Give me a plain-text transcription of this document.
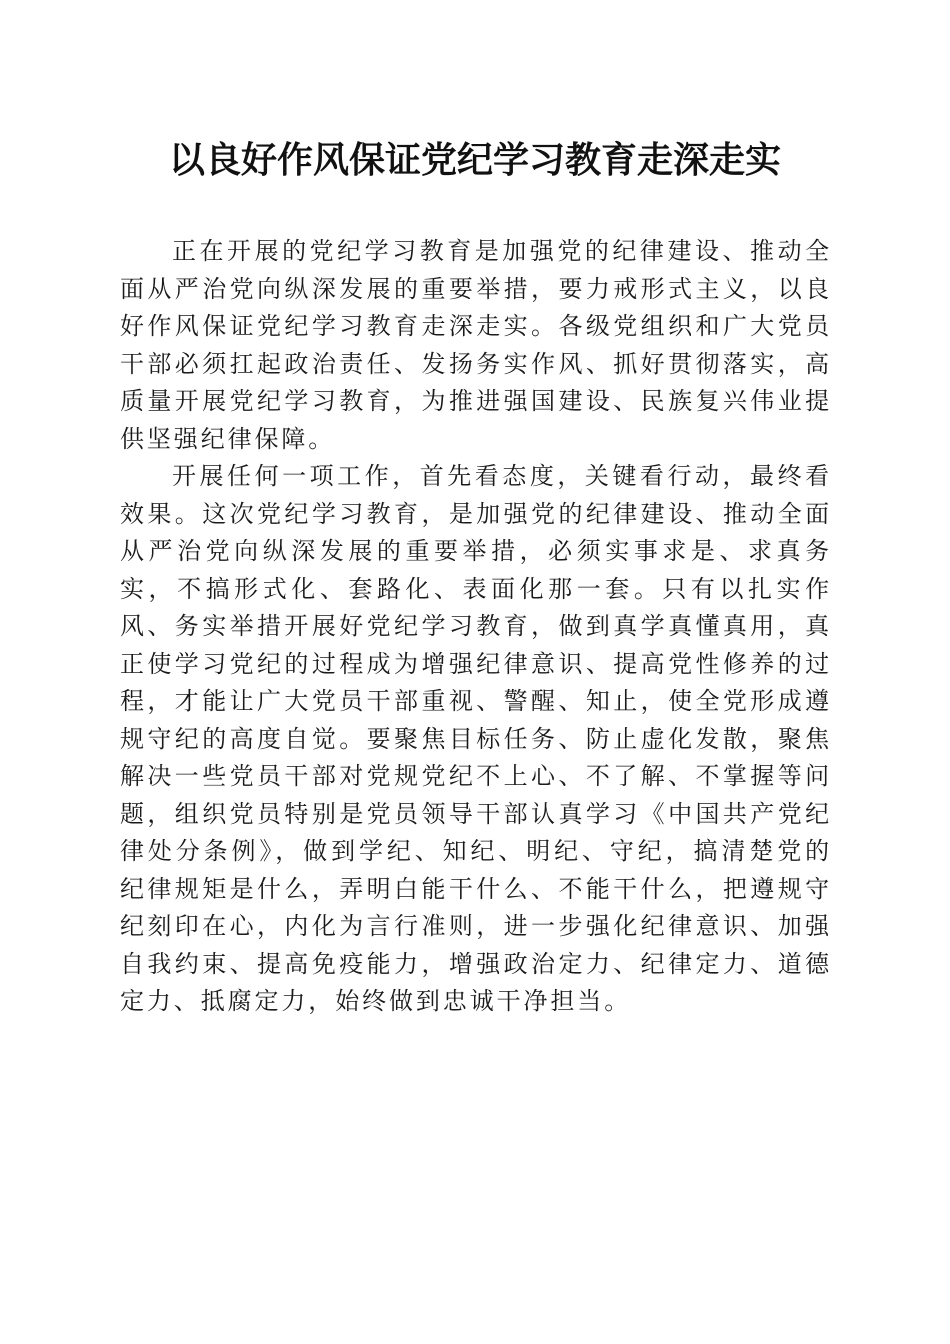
以良好作风保证党纪学习教育走深走实

正在开展的党纪学习教育是加强党的纪律建设、推动全面从严治党向纵深发展的重要举措，要力戒形式主义，以良好作风保证党纪学习教育走深走实。各级党组织和广大党员干部必须扛起政治责任、发扬务实作风、抓好贯彻落实，高质量开展党纪学习教育，为推进强国建设、民族复兴伟业提供坚强纪律保障。

开展任何一项工作，首先看态度，关键看行动，最终看效果。这次党纪学习教育，是加强党的纪律建设、推动全面从严治党向纵深发展的重要举措，必须实事求是、求真务实，不搞形式化、套路化、表面化那一套。只有以扎实作风、务实举措开展好党纪学习教育，做到真学真懂真用，真正使学习党纪的过程成为增强纪律意识、提高党性修养的过程，才能让广大党员干部重视、警醒、知止，使全党形成遵规守纪的高度自觉。要聚焦目标任务、防止虚化发散，聚焦解决一些党员干部对党规党纪不上心、不了解、不掌握等问题，组织党员特别是党员领导干部认真学习《中国共产党纪律处分条例》，做到学纪、知纪、明纪、守纪，搞清楚党的纪律规矩是什么，弄明白能干什么、不能干什么，把遵规守纪刻印在心，内化为言行准则，进一步强化纪律意识、加强自我约束、提高免疫能力，增强政治定力、纪律定力、道德定力、抵腐定力，始终做到忠诚干净担当。
